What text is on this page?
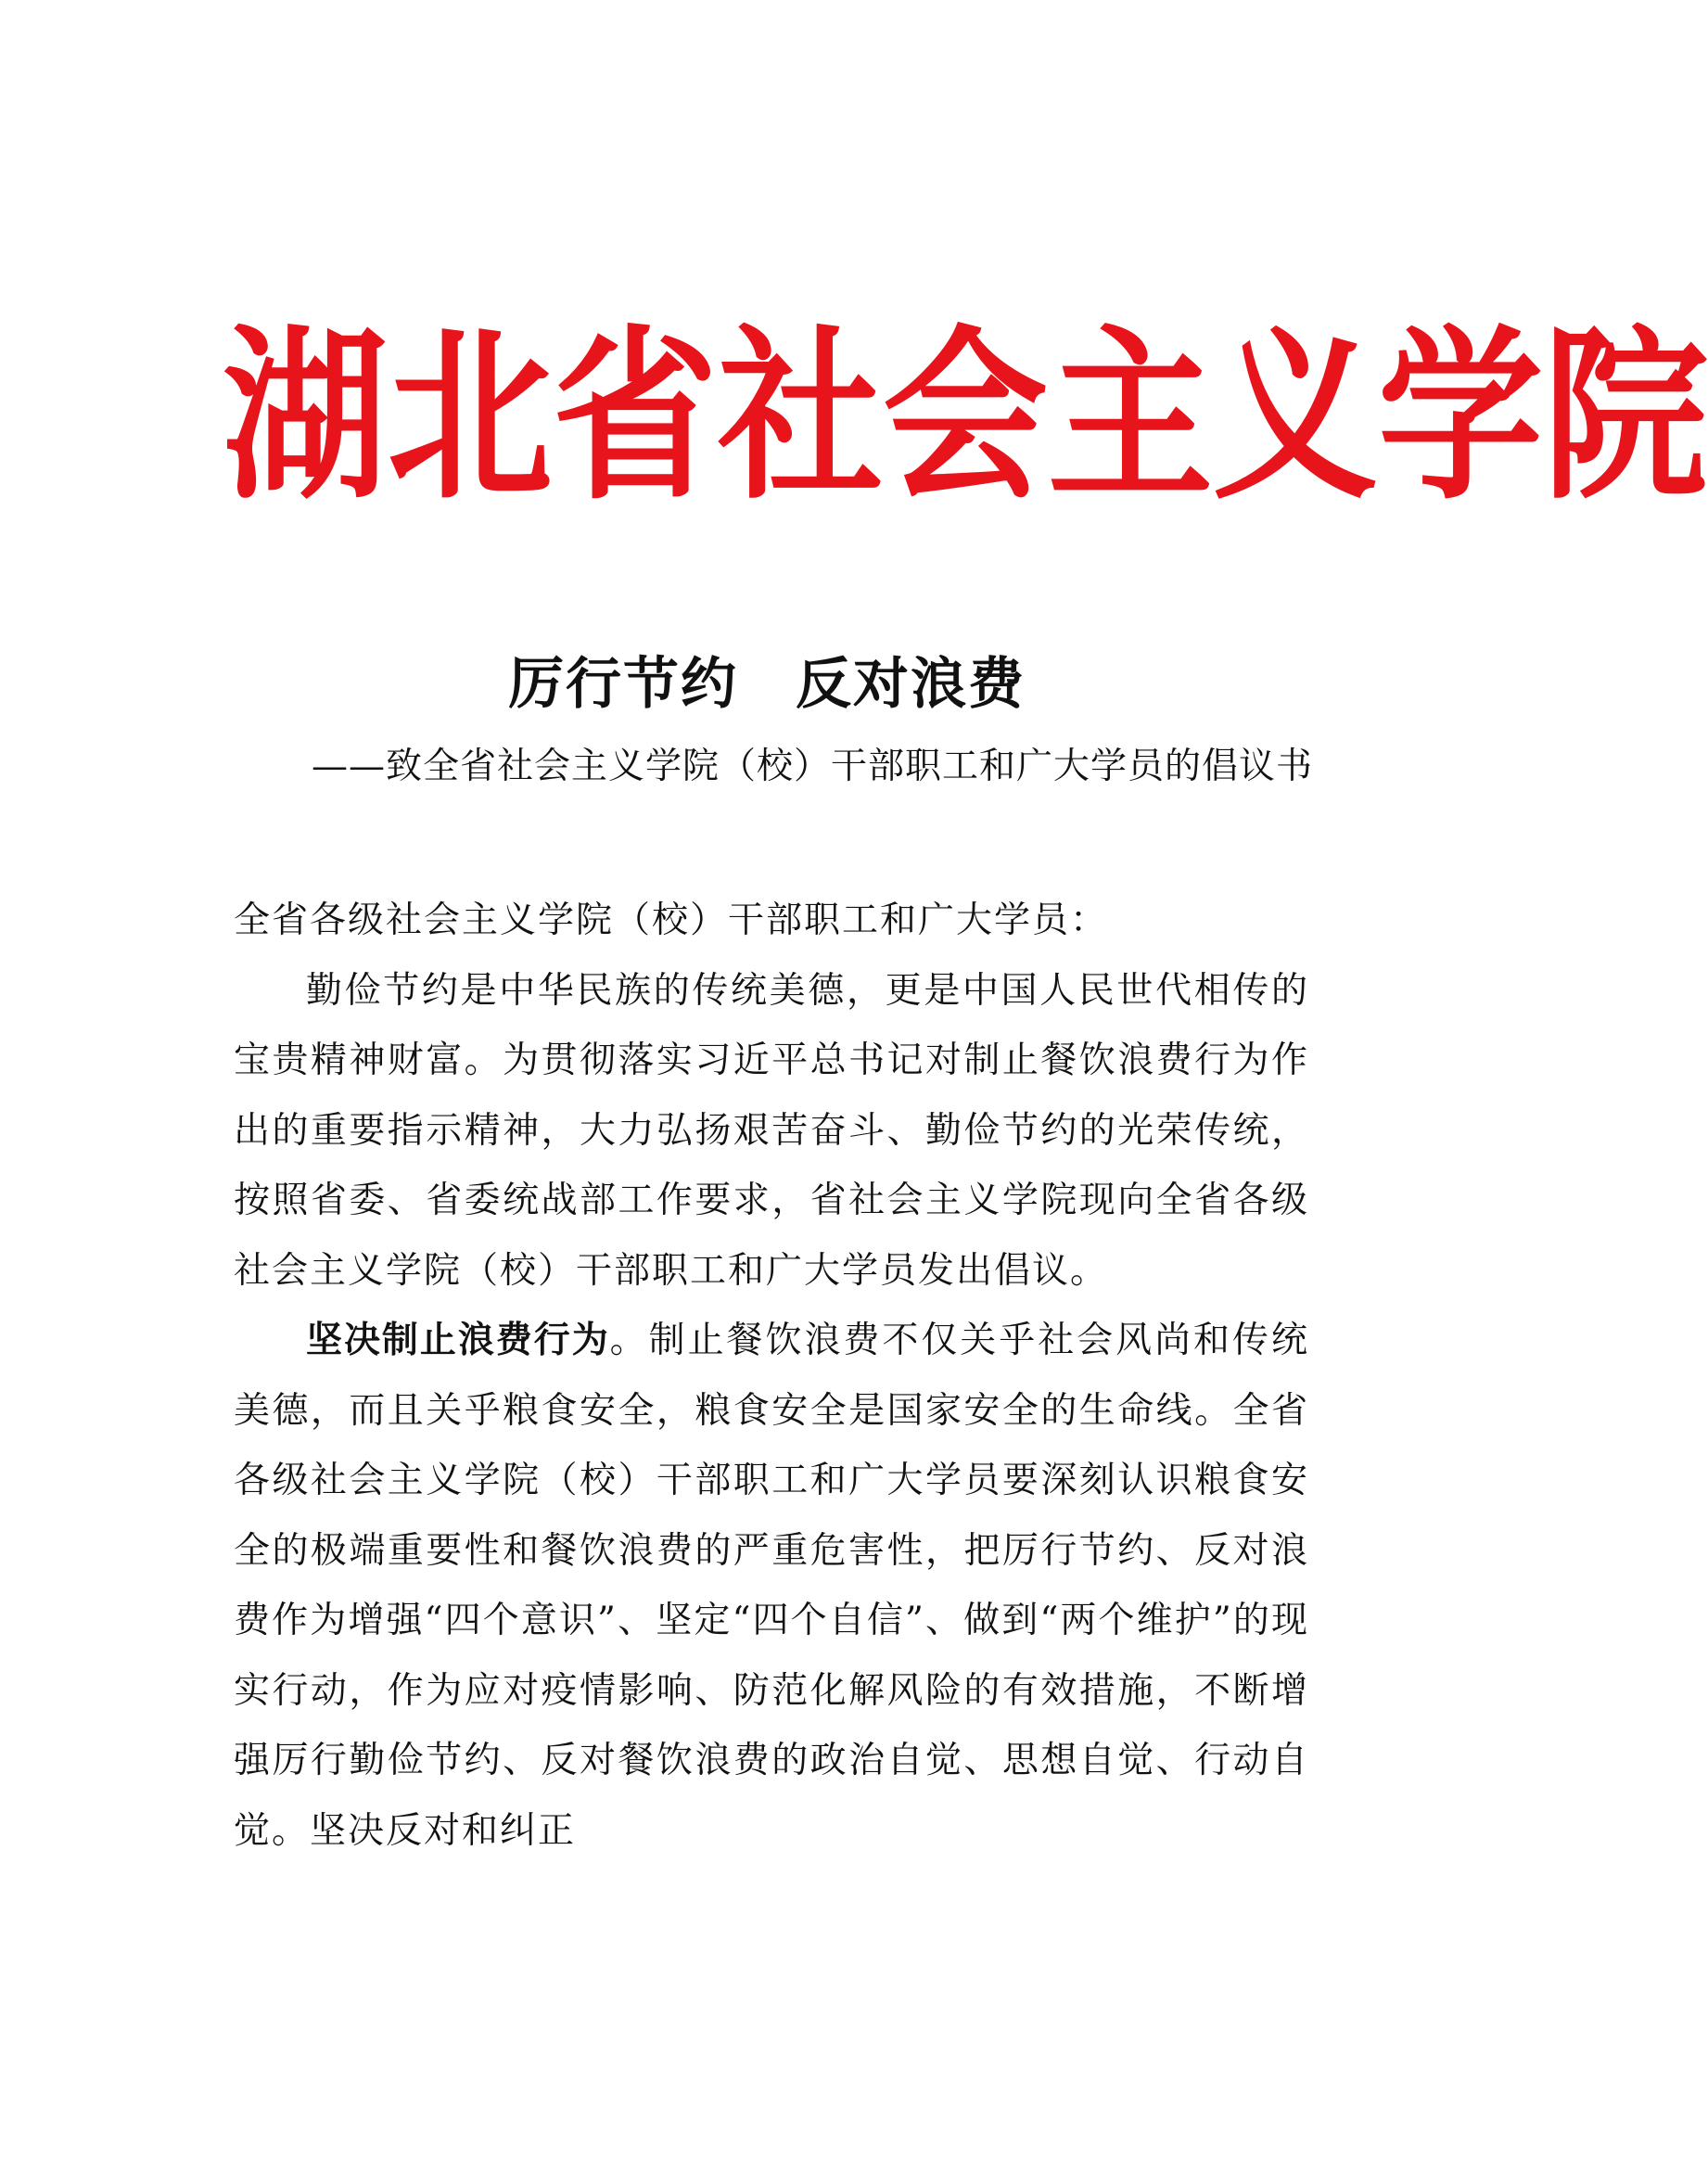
湖 北 省 社 会 主 义 学 院
厉行节约　反对浪费
——致全省社会主义学院（校）干部职工和广大学员的倡议书

全省各级社会主义学院（校）干部职工和广大学员：

勤俭节约是中华民族的传统美德，更是中国人民世代相传的宝贵精神财富。为贯彻落实习近平总书记对制止餐饮浪费行为作出的重要指示精神，大力弘扬艰苦奋斗、勤俭节约的光荣传统，按照省委、省委统战部工作要求，省社会主义学院现向全省各级社会主义学院（校）干部职工和广大学员发出倡议。

坚决制止浪费行为。制止餐饮浪费不仅关乎社会风尚和传统美德，而且关乎粮食安全，粮食安全是国家安全的生命线。全省各级社会主义学院（校）干部职工和广大学员要深刻认识粮食安全的极端重要性和餐饮浪费的严重危害性，把厉行节约、反对浪费作为增强“四个意识”、坚定“四个自信”、做到“两个维护”的现实行动，作为应对疫情影响、防范化解风险的有效措施，不断增强厉行勤俭节约、反对餐饮浪费的政治自觉、思想自觉、行动自觉。坚决反对和纠正
